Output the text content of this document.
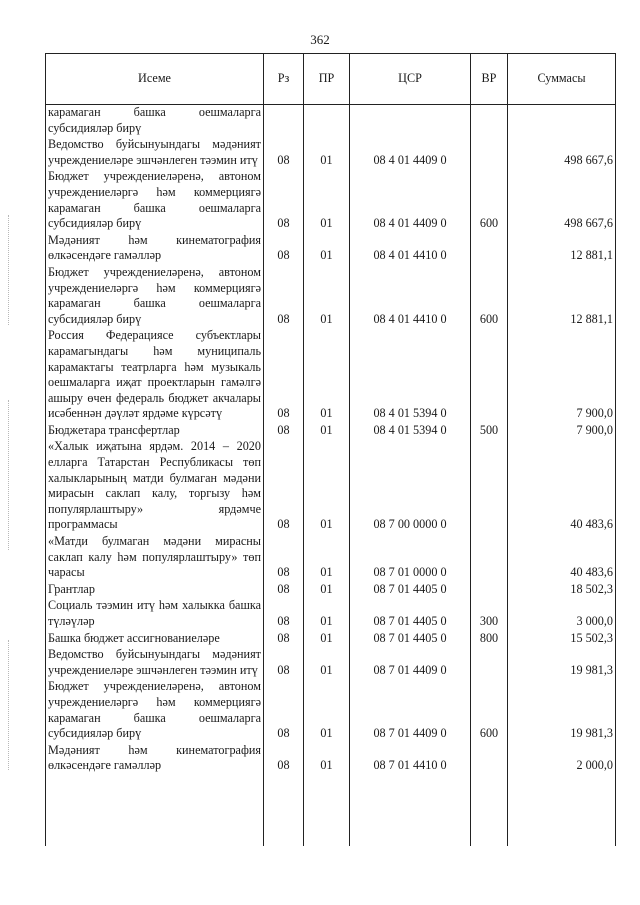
362
Исеме	Рз	ПР	ЦСР	ВР	Суммасы
карамаган башка оешмаларга субсидияләр бирү					
Ведомство буйсынуындагы мәдәният учреждениеләре эшчәнлеген тәэмин итү	08	01	08 4 01 4409 0		498 667,6
Бюджет учреждениеләренә, автоном учреждениеләргә һәм коммерциягә карамаган башка оешмаларга субсидияләр бирү	08	01	08 4 01 4409 0	600	498 667,6
Мәдәният һәм кинематография өлкәсендәге гамәлләр	08	01	08 4 01 4410 0		12 881,1
Бюджет учреждениеләренә, автоном учреждениеләргә һәм коммерциягә карамаган башка оешмаларга субсидияләр бирү	08	01	08 4 01 4410 0	600	12 881,1
Россия Федерациясе субъектлары карамагындагы һәм муниципаль карамактагы театрларга һәм музыкаль оешмаларга иҗат проектларын гамәлгә ашыру өчен федераль бюджет акчалары исәбеннән дәүләт ярдәме күрсәтү	08	01	08 4 01 5394 0		7 900,0
Бюджетара трансфертлар	08	01	08 4 01 5394 0	500	7 900,0
«Халык иҗатына ярдәм. 2014 – 2020 елларга Татарстан Республикасы төп халыкларының матди булмаган мәдәни мирасын саклап калу, торгызу һәм популярлаштыру» ярдәмче программасы	08	01	08 7 00 0000 0		40 483,6
«Матди булмаган мәдәни мирасны саклап калу һәм популярлаштыру» төп чарасы	08	01	08 7 01 0000 0		40 483,6
Грантлар	08	01	08 7 01 4405 0		18 502,3
Социаль тәэмин итү һәм халыкка башка түләүләр	08	01	08 7 01 4405 0	300	3 000,0
Башка бюджет ассигнованиеләре	08	01	08 7 01 4405 0	800	15 502,3
Ведомство буйсынуындагы мәдәният учреждениеләре эшчәнлеген тәэмин итү	08	01	08 7 01 4409 0		19 981,3
Бюджет учреждениеләренә, автоном учреждениеләргә һәм коммерциягә карамаган башка оешмаларга субсидияләр бирү	08	01	08 7 01 4409 0	600	19 981,3
Мәдәният һәм кинематография өлкәсендәге гамәлләр	08	01	08 7 01 4410 0		2 000,0
